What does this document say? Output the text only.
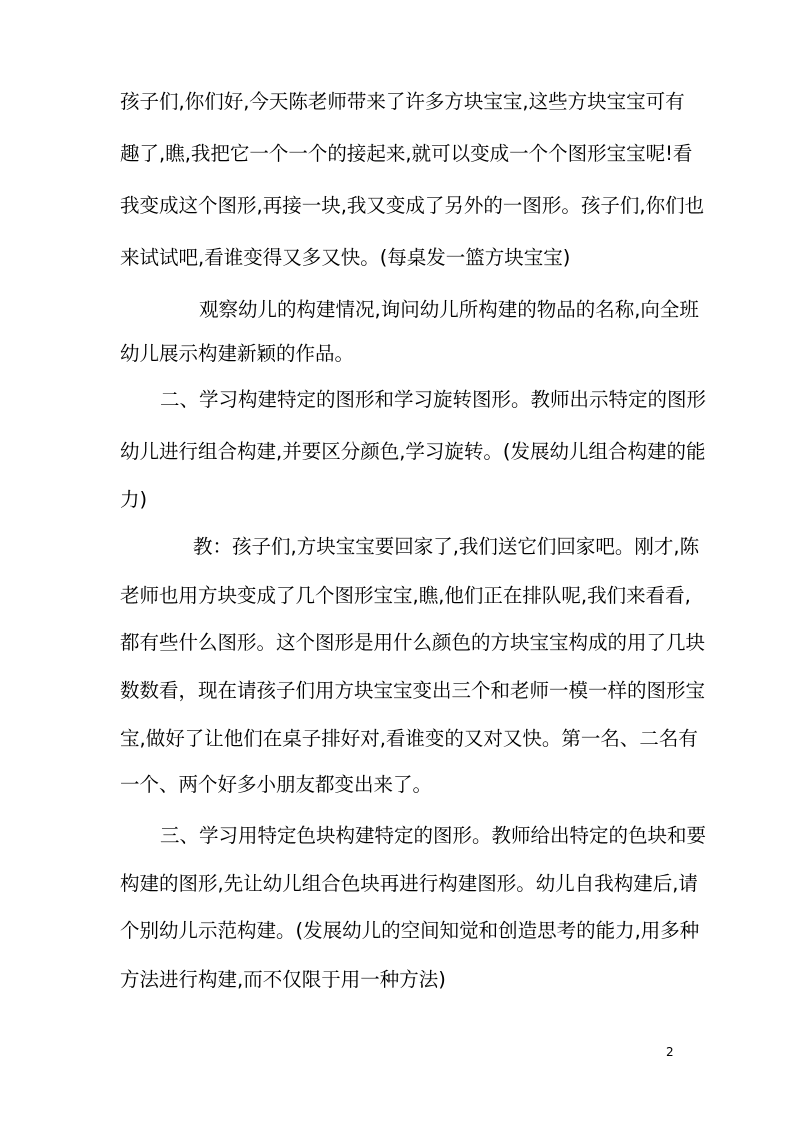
孩子们,你们好,今天陈老师带来了许多方块宝宝,这些方块宝宝可有
趣了,瞧,我把它一个一个的接起来,就可以变成一个个图形宝宝呢!看
我变成这个图形,再接一块,我又变成了另外的一图形。孩子们,你们也
来试试吧,看谁变得又多又快。(每桌发一篮方块宝宝)
观察幼儿的构建情况,询问幼儿所构建的物品的名称,向全班
幼儿展示构建新颖的作品。
二、学习构建特定的图形和学习旋转图形。教师出示特定的图形
幼儿进行组合构建,并要区分颜色,学习旋转。(发展幼儿组合构建的能
力)
教：孩子们,方块宝宝要回家了,我们送它们回家吧。刚才,陈
老师也用方块变成了几个图形宝宝,瞧,他们正在排队呢,我们来看看,
都有些什么图形。这个图形是用什么颜色的方块宝宝构成的用了几块
数数看，现在请孩子们用方块宝宝变出三个和老师一模一样的图形宝
宝,做好了让他们在桌子排好对,看谁变的又对又快。第一名、二名有
一个、两个好多小朋友都变出来了。
三、学习用特定色块构建特定的图形。教师给出特定的色块和要
构建的图形,先让幼儿组合色块再进行构建图形。幼儿自我构建后,请
个别幼儿示范构建。(发展幼儿的空间知觉和创造思考的能力,用多种
方法进行构建,而不仅限于用一种方法)
2
